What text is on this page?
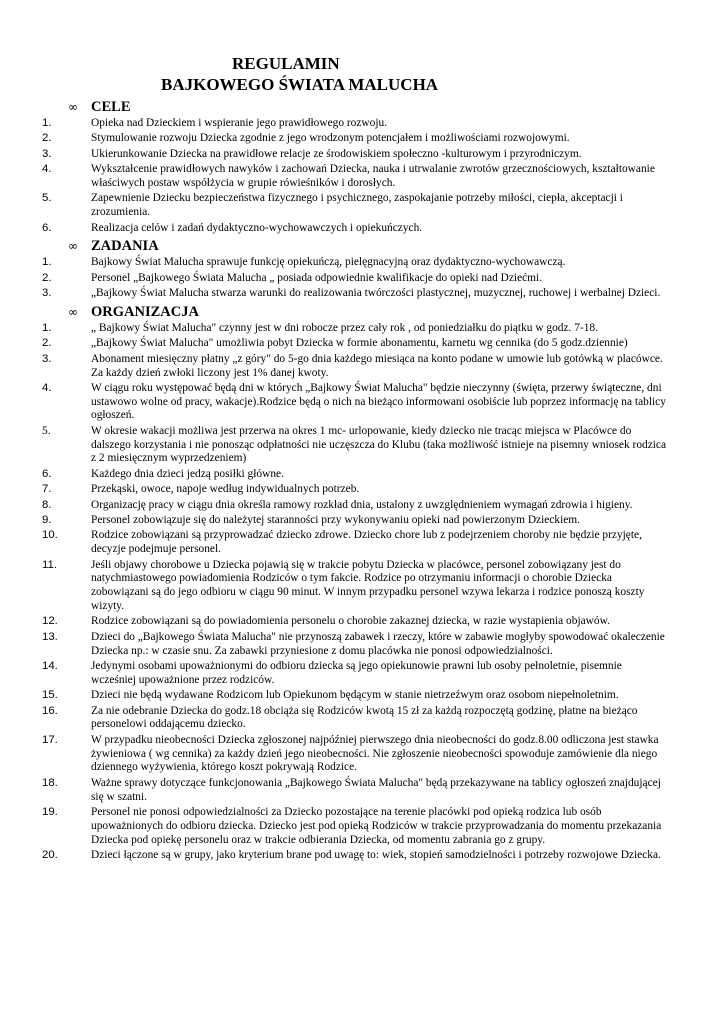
REGULAMIN
BAJKOWEGO ŚWIATA MALUCHA
∞ CELE
1.	Opieka nad Dzieckiem i wspieranie jego prawidłowego rozwoju.
2.	Stymulowanie rozwoju Dziecka zgodnie z jego wrodzonym potencjałem i możliwościami rozwojowymi.
3.	Ukierunkowanie Dziecka na prawidłowe relacje ze środowiskiem społeczno -kulturowym i przyrodniczym.
4.	Wykształcenie prawidłowych nawyków i zachowań Dziecka, nauka i utrwalanie zwrotów grzecznościowych, kształtowanie właściwych postaw współżycia w grupie rówieśników i dorosłych.
5.	Zapewnienie Dziecku bezpieczeństwa fizycznego i psychicznego, zaspokajanie potrzeby miłości, ciepła, akceptacji i zrozumienia.
6.	Realizacja celów i zadań dydaktyczno-wychowawczych i opiekuńczych.
∞ ZADANIA
1.	Bajkowy Świat Malucha sprawuje funkcję opiekuńczą, pielęgnacyjną oraz dydaktyczno-wychowawczą.
2.	Personel „Bajkowego Świata Malucha „ posiada odpowiednie kwalifikacje do opieki nad Dziećmi.
3.	„Bajkowy Świat Malucha stwarza warunki do realizowania twórczości plastycznej, muzycznej, ruchowej i werbalnej Dzieci.
∞ ORGANIZACJA
1.	„ Bajkowy Świat Malucha" czynny jest w dni robocze przez cały rok , od poniedziałku do piątku w godz. 7-18.
2.	„Bajkowy Świat Malucha" umożliwia pobyt Dziecka w formie abonamentu, karnetu wg cennika (do 5 godz.dziennie)
3.	Abonament miesięczny płatny „z góry" do 5-go dnia każdego miesiąca na konto podane w umowie lub gotówką w placówce. Za każdy dzień zwłoki liczony jest 1% danej kwoty.
4.	W ciągu roku występować będą dni w których „Bajkowy Świat Malucha" będzie nieczynny (święta, przerwy świąteczne, dni ustawowo wolne od pracy, wakacje).Rodzice będą o nich na bieżąco informowani osobiście lub poprzez informację na tablicy ogłoszeń.
5.	W okresie wakacji możliwa jest przerwa na okres 1 mc- urlopowanie, kiedy dziecko nie tracąc miejsca w Placówce do dalszego korzystania i nie ponosząc odpłatności nie uczęszcza do Klubu (taka możliwość istnieje na pisemny wniosek rodzica z 2 miesięcznym wyprzedzeniem)
6.	Każdego dnia dzieci jedzą posiłki główne.
7.	Przekąski, owoce, napoje według indywidualnych potrzeb.
8.	Organizację pracy w ciągu dnia określa ramowy rozkład dnia, ustalony z uwzględnieniem wymagań zdrowia i higieny.
9.	Personel zobowiązuje się do należytej staranności przy wykonywaniu opieki nad powierzonym Dzieckiem.
10.	Rodzice zobowiązani są przyprowadzać dziecko zdrowe. Dziecko chore lub z podejrzeniem choroby nie będzie przyjęte, decyzje podejmuje personel.
11.	Jeśli objawy chorobowe u Dziecka pojawią się w trakcie pobytu Dziecka w placówce, personel zobowiązany jest do natychmiastowego powiadomienia Rodziców o tym fakcie. Rodzice po otrzymaniu informacji o chorobie Dziecka zobowiązani są do jego odbioru w ciągu 90 minut. W innym przypadku personel wzywa lekarza i rodzice ponoszą koszty wizyty.
12.	Rodzice zobowiązani są do powiadomienia personelu o chorobie zakaznej dziecka, w razie wystapienia objawów.
13.	Dzieci do „Bajkowego Świata Malucha" nie przynoszą zabawek i rzeczy, które w zabawie mogłyby spowodować okaleczenie Dziecka np.: w czasie snu. Za zabawki przyniesione z domu placówka nie ponosi odpowiedzialności.
14.	Jedynymi osobami upoważnionymi do odbioru dziecka są jego opiekunowie prawni lub osoby pełnoletnie, pisemnie wcześniej upoważnione przez rodziców.
15.	Dzieci nie będą wydawane Rodzicom lub Opiekunom będącym w stanie nietrzeźwym oraz osobom niepełnoletnim.
16.	Za nie odebranie Dziecka do godz.18 obciąża się Rodziców kwotą 15 zł za każdą rozpoczętą godzinę, płatne na bieżąco personelowi oddającemu dziecko.
17.	W przypadku nieobecności Dziecka zgłoszonej najpóźniej pierwszego dnia nieobecności do godz.8.00 odliczona jest stawka żywieniowa ( wg cennika) za każdy dzień jego nieobecności. Nie zgłoszenie nieobecności spowoduje zamówienie dla niego dziennego wyżywienia, którego koszt pokrywają Rodzice.
18.	Ważne sprawy dotyczące funkcjonowania „Bajkowego Świata Malucha" będą przekazywane na tablicy ogłoszeń znajdującej się w szatni.
19.	Personel nie ponosi odpowiedzialności za Dziecko pozostające na terenie placówki pod opieką rodzica lub osób upoważnionych do odbioru dziecka. Dziecko jest pod opieką Rodziców w trakcie przyprowadzania do momentu przekazania Dziecka pod opiekę personelu oraz w trakcie odbierania Dziecka, od momentu zabrania go z grupy.
20.	Dzieci łączone są w grupy, jako kryterium brane pod uwagę to: wiek, stopień samodzielności i potrzeby rozwojowe Dziecka.
